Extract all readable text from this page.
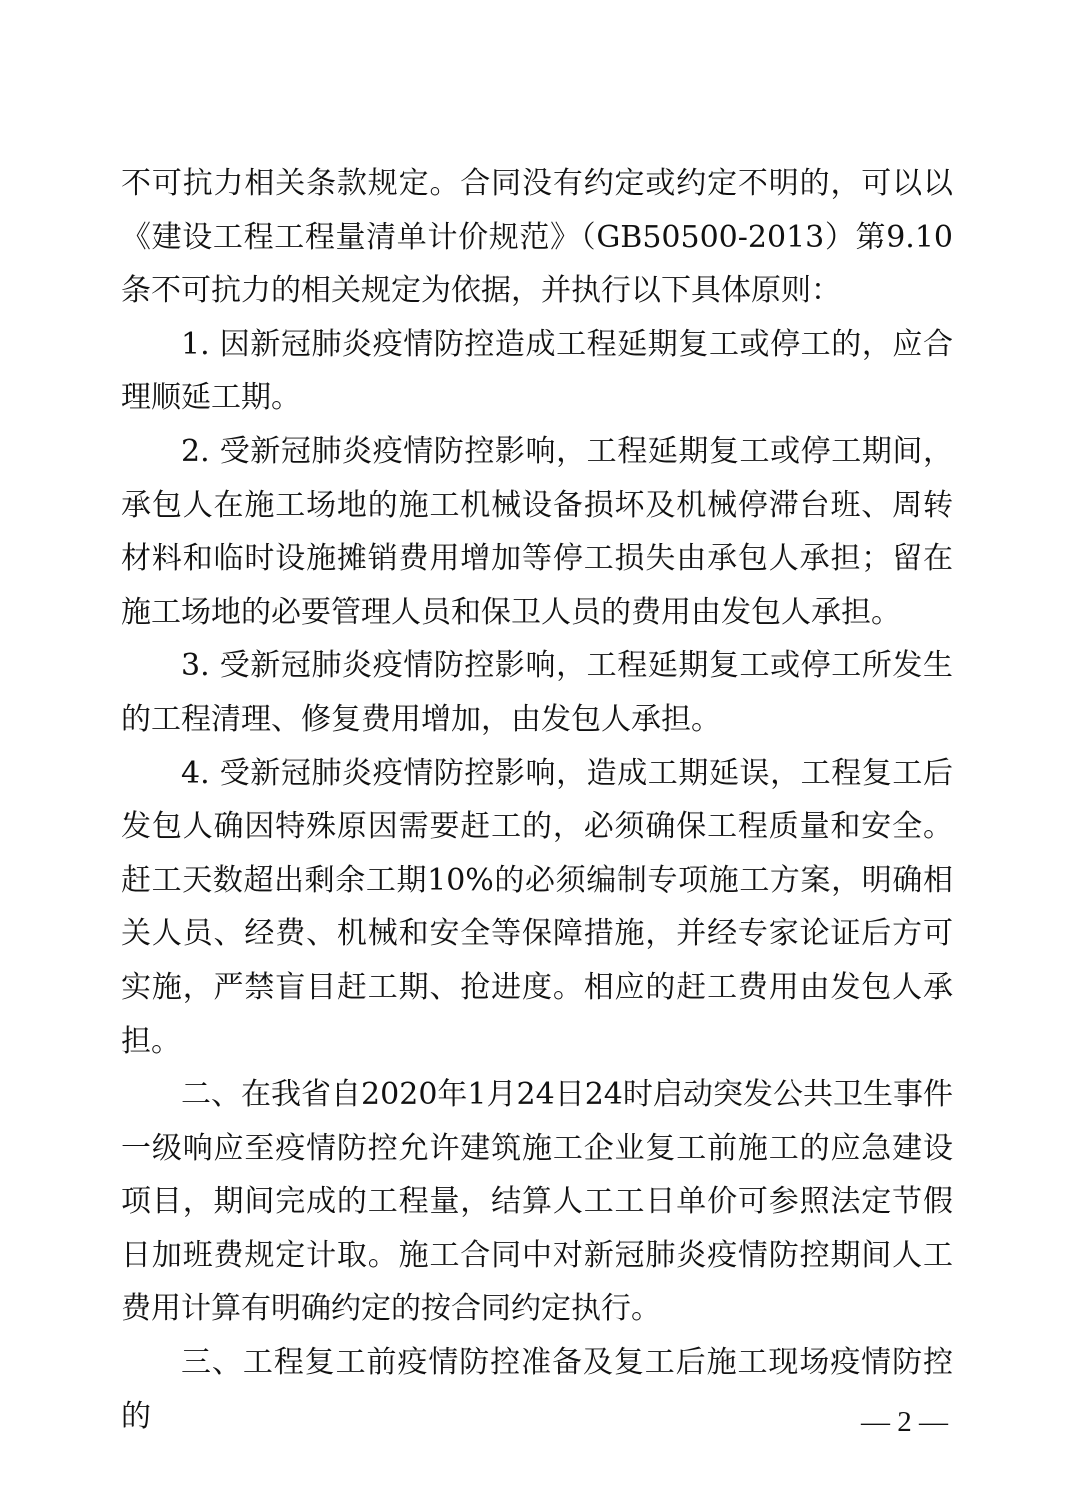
不可抗力相关条款规定。合同没有约定或约定不明的，可以以《建设工程工程量清单计价规范》（GB50500-2013）第9.10条不可抗力的相关规定为依据，并执行以下具体原则：

1. 因新冠肺炎疫情防控造成工程延期复工或停工的，应合理顺延工期。

2. 受新冠肺炎疫情防控影响，工程延期复工或停工期间，承包人在施工场地的施工机械设备损坏及机械停滞台班、周转材料和临时设施摊销费用增加等停工损失由承包人承担；留在施工场地的必要管理人员和保卫人员的费用由发包人承担。

3. 受新冠肺炎疫情防控影响，工程延期复工或停工所发生的工程清理、修复费用增加，由发包人承担。

4. 受新冠肺炎疫情防控影响，造成工期延误，工程复工后发包人确因特殊原因需要赶工的，必须确保工程质量和安全。赶工天数超出剩余工期10%的必须编制专项施工方案，明确相关人员、经费、机械和安全等保障措施，并经专家论证后方可实施，严禁盲目赶工期、抢进度。相应的赶工费用由发包人承担。

二、在我省自2020年1月24日24时启动突发公共卫生事件一级响应至疫情防控允许建筑施工企业复工前施工的应急建设项目，期间完成的工程量，结算人工工日单价可参照法定节假日加班费规定计取。施工合同中对新冠肺炎疫情防控期间人工费用计算有明确约定的按合同约定执行。

三、工程复工前疫情防控准备及复工后施工现场疫情防控的	— 2 —
